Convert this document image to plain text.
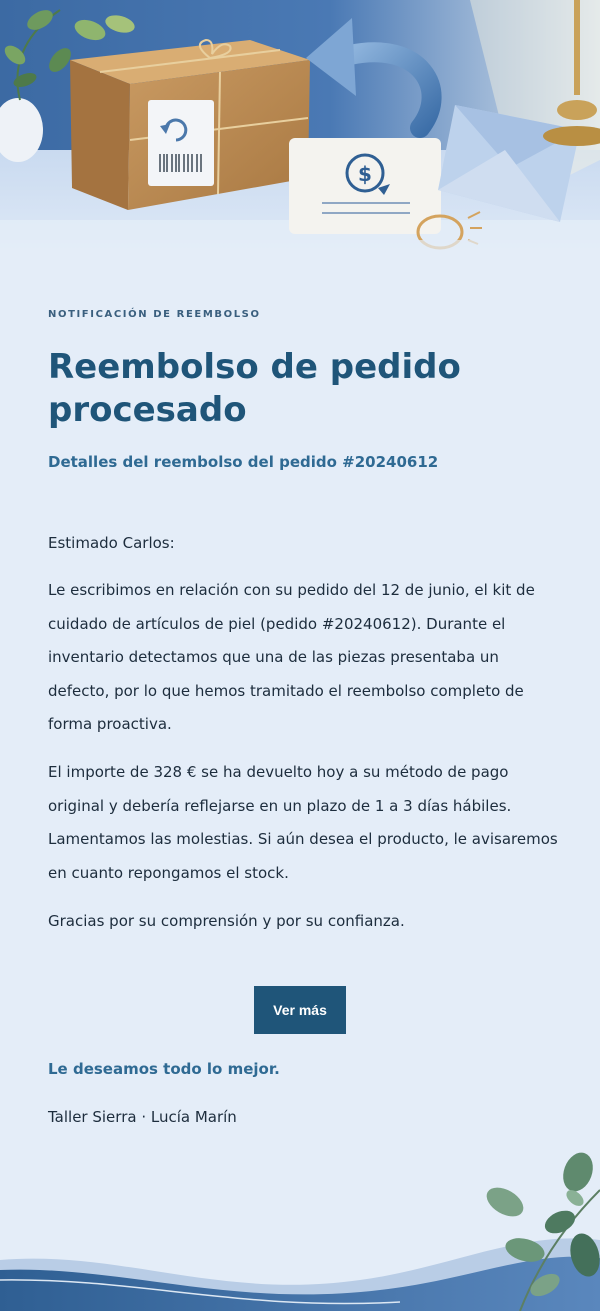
$
NOTIFICACIÓN DE REEMBOLSO
Reembolso de pedido procesado

Detalles del reembolso del pedido #20240612

Estimado Carlos:

Le escribimos en relación con su pedido del 12 de junio, el kit de cuidado de artículos de piel (pedido #20240612). Durante el inventario detectamos que una de las piezas presentaba un defecto, por lo que hemos tramitado el reembolso completo de forma proactiva.

El importe de 328 € se ha devuelto hoy a su método de pago original y debería reflejarse en un plazo de 1 a 3 días hábiles. Lamentamos las molestias. Si aún desea el producto, le avisaremos en cuanto repongamos el stock.

Gracias por su comprensión y por su confianza.

Ver más

Le deseamos todo lo mejor.

Taller Sierra · Lucía Marín
